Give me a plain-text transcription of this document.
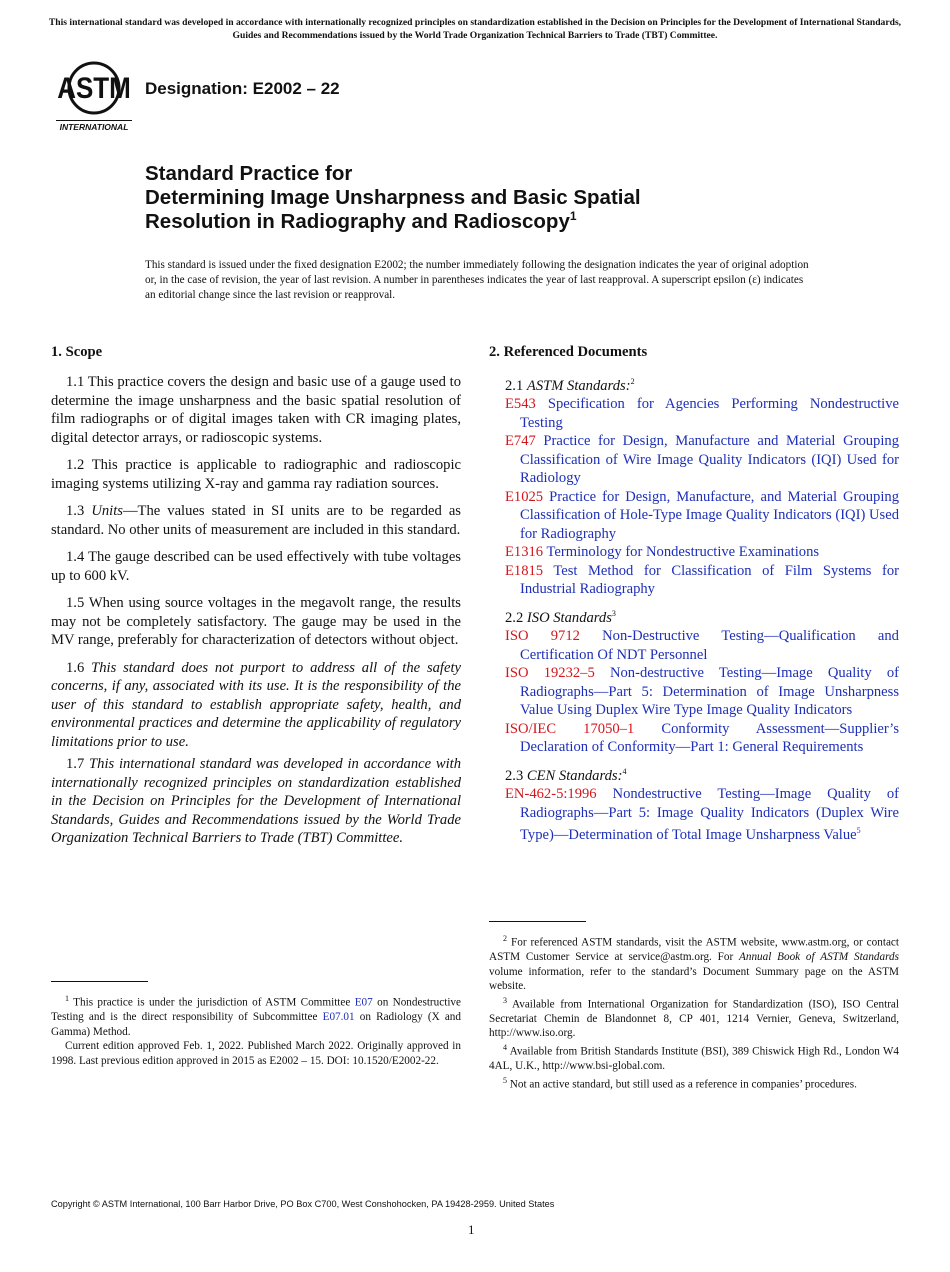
This international standard was developed in accordance with internationally recognized principles on standardization established in the Decision on Principles for the Development of International Standards, Guides and Recommendations issued by the World Trade Organization Technical Barriers to Trade (TBT) Committee.
ASTM
INTERNATIONAL
Designation: E2002 – 22
Standard Practice for
Determining Image Unsharpness and Basic Spatial
Resolution in Radiography and Radioscopy$^1$
This standard is issued under the fixed designation E2002; the number immediately following the designation indicates the year of original adoption or, in the case of revision, the year of last revision. A number in parentheses indicates the year of last reapproval. A superscript epsilon (ε) indicates an editorial change since the last revision or reapproval.
1. Scope

1.1 This practice covers the design and basic use of a gauge used to determine the image unsharpness and the basic spatial resolution of film radiographs or of digital images taken with CR imaging plates, digital detector arrays, or radioscopic systems.

1.2 This practice is applicable to radiographic and radioscopic imaging systems utilizing X-ray and gamma ray radiation sources.

1.3 Units—The values stated in SI units are to be regarded as standard. No other units of measurement are included in this standard.

1.4 The gauge described can be used effectively with tube voltages up to 600 kV.

1.5 When using source voltages in the megavolt range, the results may not be completely satisfactory. The gauge may be used in the MV range, preferably for characterization of detectors without object.

1.6 This standard does not purport to address all of the safety concerns, if any, associated with its use. It is the responsibility of the user of this standard to establish appropriate safety, health, and environmental practices and determine the applicability of regulatory limitations prior to use.

1.7 This international standard was developed in accordance with internationally recognized principles on standardization established in the Decision on Principles for the Development of International Standards, Guides and Recommendations issued by the World Trade Organization Technical Barriers to Trade (TBT) Committee.

$^1$ This practice is under the jurisdiction of ASTM Committee E07 on Nondestructive Testing and is the direct responsibility of Subcommittee E07.01 on Radiology (X and Gamma) Method.

Current edition approved Feb. 1, 2022. Published March 2022. Originally approved in 1998. Last previous edition approved in 2015 as E2002 – 15. DOI: 10.1520/E2002-22.

2. Referenced Documents
2.1 ASTM Standards:$^2$
E543 Specification for Agencies Performing Nondestructive Testing
E747 Practice for Design, Manufacture and Material Grouping Classification of Wire Image Quality Indicators (IQI) Used for Radiology
E1025 Practice for Design, Manufacture, and Material Grouping Classification of Hole-Type Image Quality Indicators (IQI) Used for Radiography
E1316 Terminology for Nondestructive Examinations
E1815 Test Method for Classification of Film Systems for Industrial Radiography
2.2 ISO Standards$^3$
ISO 9712 Non-Destructive Testing—Qualification and Certification Of NDT Personnel
ISO 19232–5 Non-destructive Testing—Image Quality of Radiographs—Part 5: Determination of Image Unsharpness Value Using Duplex Wire Type Image Quality Indicators
ISO/IEC 17050–1 Conformity Assessment—Supplier’s Declaration of Conformity—Part 1: General Requirements
2.3 CEN Standards:$^4$
EN-462-5:1996 Nondestructive Testing—Image Quality of Radiographs—Part 5: Image Quality Indicators (Duplex Wire Type)—Determination of Total Image Unsharpness Value$^5$

$^2$ For referenced ASTM standards, visit the ASTM website, www.astm.org, or contact ASTM Customer Service at service@astm.org. For Annual Book of ASTM Standards volume information, refer to the standard’s Document Summary page on the ASTM website.

$^3$ Available from International Organization for Standardization (ISO), ISO Central Secretariat Chemin de Blandonnet 8, CP 401, 1214 Vernier, Geneva, Switzerland, http://www.iso.org.

$^4$ Available from British Standards Institute (BSI), 389 Chiswick High Rd., London W4 4AL, U.K., http://www.bsi-global.com.

$^5$ Not an active standard, but still used as a reference in companies’ procedures.

Copyright © ASTM International, 100 Barr Harbor Drive, PO Box C700, West Conshohocken, PA 19428-2959. United States
1
